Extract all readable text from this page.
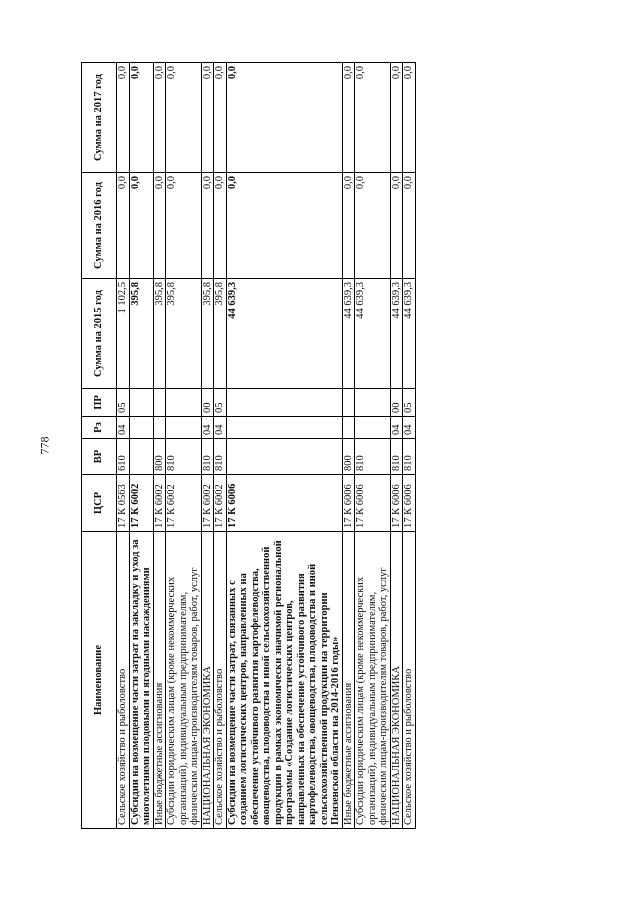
778
Наименование	ЦСР	ВР	Рз	ПР	Сумма на 2015 год	Сумма на 2016 год	Сумма на 2017 год
Сельское хозяйство и рыболовство	17 К 0563	610	04	05	1 102,5	0,0	0,0
Субсидии на возмещение части затрат на закладку и уход за многолетними плодовыми и ягодными насаждениями	17 К 6002				395,8	0,0	0,0
Иные бюджетные ассигнования	17 К 6002	800			395,8	0,0	0,0
Субсидии юридическим лицам (кроме некоммерческих организаций), индивидуальным предпринимателям, физическим лицам-производителям товаров, работ, услуг	17 К 6002	810			395,8	0,0	0,0
НАЦИОНАЛЬНАЯ ЭКОНОМИКА	17 К 6002	810	04	00	395,8	0,0	0,0
Сельское хозяйство и рыболовство	17 К 6002	810	04	05	395,8	0,0	0,0
Субсидии на возмещение части затрат, связанных с созданием логистических центров, направленных на обеспечение устойчивого развития картофелеводства, овощеводства, плодоводства и иной сельскохозяйственной продукции в рамках экономически значимой региональной программы «Создание логистических центров, направленных на обеспечение устойчивого развития картофелеводства, овощеводства, плодоводства и иной сельскохозяйственной продукции на территории Пензенской области на 2014-2016 годы»	17 К 6006				44 639,3	0,0	0,0
Иные бюджетные ассигнования	17 К 6006	800			44 639,3	0,0	0,0
Субсидии юридическим лицам (кроме некоммерческих организаций), индивидуальным предпринимателям, физическим лицам-производителям товаров, работ, услуг	17 К 6006	810			44 639,3	0,0	0,0
НАЦИОНАЛЬНАЯ ЭКОНОМИКА	17 К 6006	810	04	00	44 639,3	0,0	0,0
Сельское хозяйство и рыболовство	17 К 6006	810	04	05	44 639,3	0,0	0,0
